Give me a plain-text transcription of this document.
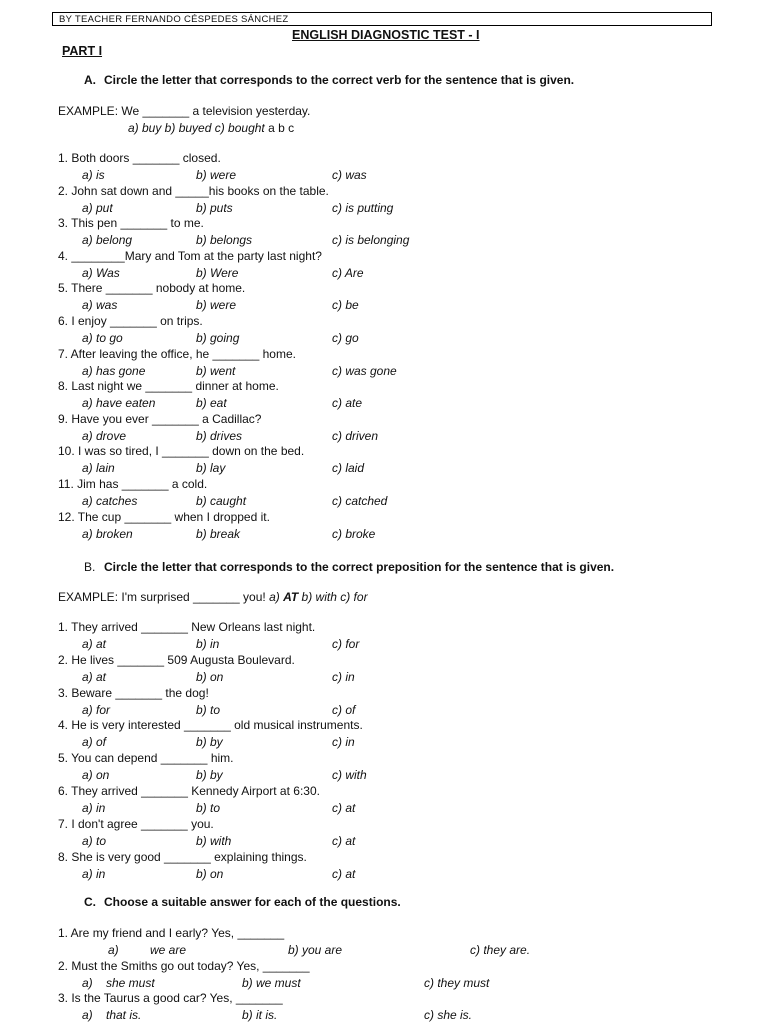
BY TEACHER FERNANDO CÉSPEDES SÁNCHEZ
ENGLISH DIAGNOSTIC TEST - I
PART I
A. Circle the letter that corresponds to the correct verb for the sentence that is given.
EXAMPLE: We _______ a television yesterday.
a) buy b) buyed c) bought a b c
1. Both doors _______ closed.
a) is	b) were	c) was
2. John sat down and _____his books on the table.
a) put	b) puts	c) is putting
3. This pen _______ to me.
a) belong	b) belongs	c) is belonging
4. ________Mary and Tom at the party last night?
a) Was	b) Were	c) Are
5. There _______ nobody at home.
a) was	b) were	c) be
6. I enjoy _______ on trips.
a) to go	b) going	c) go
7. After leaving the office, he _______ home.
a) has gone	b) went	c) was gone
8. Last night we _______ dinner at home.
a) have eaten	b) eat	c) ate
9. Have you ever _______ a Cadillac?
a) drove	b) drives	c) driven
10. I was so tired, I _______ down on the bed.
a) lain	b) lay	c) laid
11. Jim has _______ a cold.
a) catches	b) caught	c) catched
12. The cup _______ when I dropped it.
a) broken	b) break	c) broke
B. Circle the letter that corresponds to the correct preposition for the sentence that is given.
EXAMPLE: I'm surprised _______ you! a) AT b) with c) for
1. They arrived _______ New Orleans last night.
a) at	b) in	c) for
2. He lives _______ 509 Augusta Boulevard.
a) at	b) on	c) in
3. Beware _______ the dog!
a) for	b) to	c) of
4. He is very interested _______ old musical instruments.
a) of	b) by	c) in
5. You can depend _______ him.
a) on	b) by	c) with
6. They arrived _______ Kennedy Airport at 6:30.
a) in	b) to	c) at
7. I don't agree _______ you.
a) to	b) with	c) at
8. She is very good _______ explaining things.
a) in	b) on	c) at
C. Choose a suitable answer for each of the questions.
1. Are my friend and I early? Yes, _______
a)	we are	b) you are	c) they are.
2. Must the Smiths go out today? Yes, _______
a) she must	b) we must	c) they must
3. Is the Taurus a good car? Yes, _______
a) that is.	b) it is.	c) she is.
